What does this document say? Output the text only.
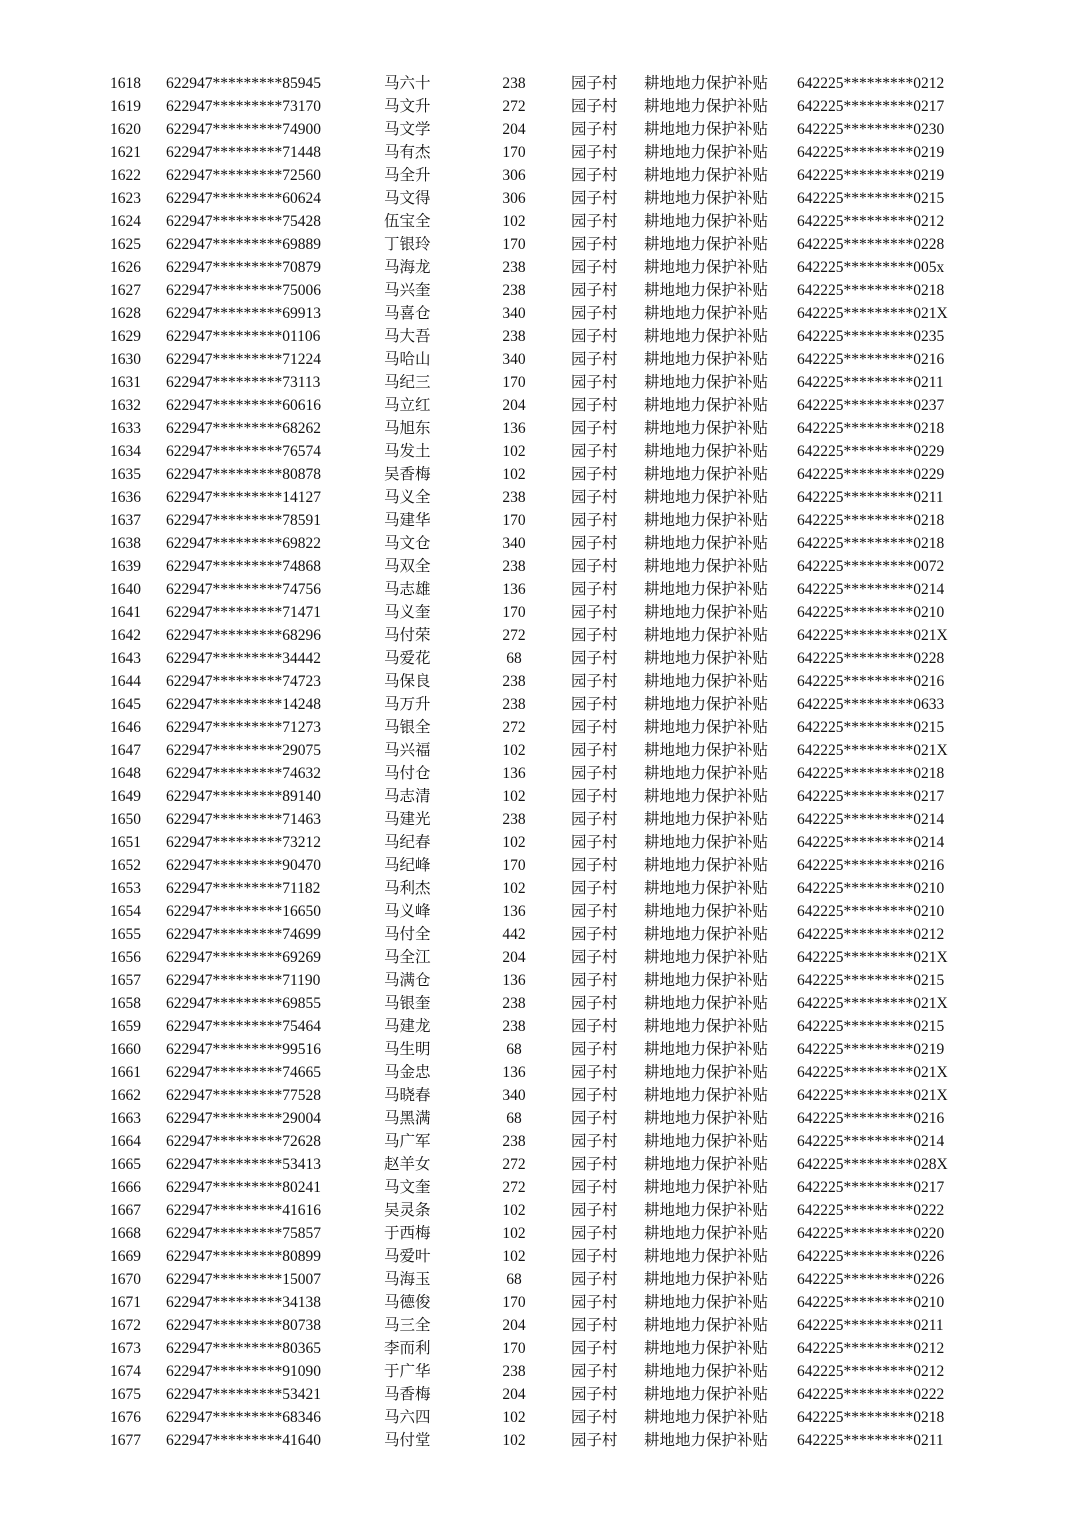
1618 622947*********85945	马六十	238	园子村 耕地地力保护补贴 642225*********0212
1619 622947*********73170	马文升	272	园子村 耕地地力保护补贴 642225*********0217
1620 622947*********74900	马文学	204	园子村 耕地地力保护补贴 642225*********0230
1621 622947*********71448	马有杰	170	园子村 耕地地力保护补贴 642225*********0219
1622 622947*********72560	马全升	306	园子村 耕地地力保护补贴 642225*********0219
1623 622947*********60624	马文得	306	园子村 耕地地力保护补贴 642225*********0215
1624 622947*********75428	伍宝全	102	园子村 耕地地力保护补贴 642225*********0212
1625 622947*********69889	丁银玲	170	园子村 耕地地力保护补贴 642225*********0228
1626 622947*********70879	马海龙	238	园子村 耕地地力保护补贴 642225*********005x
1627 622947*********75006	马兴奎	238	园子村 耕地地力保护补贴 642225*********0218
1628 622947*********69913	马喜仓	340	园子村 耕地地力保护补贴 642225*********021X
1629 622947*********01106	马大吾	238	园子村 耕地地力保护补贴 642225*********0235
1630 622947*********71224	马哈山	340	园子村 耕地地力保护补贴 642225*********0216
1631 622947*********73113	马纪三	170	园子村 耕地地力保护补贴 642225*********0211
1632 622947*********60616	马立红	204	园子村 耕地地力保护补贴 642225*********0237
1633 622947*********68262	马旭东	136	园子村 耕地地力保护补贴 642225*********0218
1634 622947*********76574	马发土	102	园子村 耕地地力保护补贴 642225*********0229
1635 622947*********80878	吴香梅	102	园子村 耕地地力保护补贴 642225*********0229
1636 622947*********14127	马义全	238	园子村 耕地地力保护补贴 642225*********0211
1637 622947*********78591	马建华	170	园子村 耕地地力保护补贴 642225*********0218
1638 622947*********69822	马文仓	340	园子村 耕地地力保护补贴 642225*********0218
1639 622947*********74868	马双全	238	园子村 耕地地力保护补贴 642225*********0072
1640 622947*********74756	马志雄	136	园子村 耕地地力保护补贴 642225*********0214
1641 622947*********71471	马义奎	170	园子村 耕地地力保护补贴 642225*********0210
1642 622947*********68296	马付荣	272	园子村 耕地地力保护补贴 642225*********021X
1643 622947*********34442	马爱花	68	园子村 耕地地力保护补贴 642225*********0228
1644 622947*********74723	马保良	238	园子村 耕地地力保护补贴 642225*********0216
1645 622947*********14248	马万升	238	园子村 耕地地力保护补贴 642225*********0633
1646 622947*********71273	马银全	272	园子村 耕地地力保护补贴 642225*********0215
1647 622947*********29075	马兴福	102	园子村 耕地地力保护补贴 642225*********021X
1648 622947*********74632	马付仓	136	园子村 耕地地力保护补贴 642225*********0218
1649 622947*********89140	马志清	102	园子村 耕地地力保护补贴 642225*********0217
1650 622947*********71463	马建光	238	园子村 耕地地力保护补贴 642225*********0214
1651 622947*********73212	马纪春	102	园子村 耕地地力保护补贴 642225*********0214
1652 622947*********90470	马纪峰	170	园子村 耕地地力保护补贴 642225*********0216
1653 622947*********71182	马利杰	102	园子村 耕地地力保护补贴 642225*********0210
1654 622947*********16650	马义峰	136	园子村 耕地地力保护补贴 642225*********0210
1655 622947*********74699	马付全	442	园子村 耕地地力保护补贴 642225*********0212
1656 622947*********69269	马全江	204	园子村 耕地地力保护补贴 642225*********021X
1657 622947*********71190	马满仓	136	园子村 耕地地力保护补贴 642225*********0215
1658 622947*********69855	马银奎	238	园子村 耕地地力保护补贴 642225*********021X
1659 622947*********75464	马建龙	238	园子村 耕地地力保护补贴 642225*********0215
1660 622947*********99516	马生明	68	园子村 耕地地力保护补贴 642225*********0219
1661 622947*********74665	马金忠	136	园子村 耕地地力保护补贴 642225*********021X
1662 622947*********77528	马晓春	340	园子村 耕地地力保护补贴 642225*********021X
1663 622947*********29004	马黑满	68	园子村 耕地地力保护补贴 642225*********0216
1664 622947*********72628	马广军	238	园子村 耕地地力保护补贴 642225*********0214
1665 622947*********53413	赵羊女	272	园子村 耕地地力保护补贴 642225*********028X
1666 622947*********80241	马文奎	272	园子村 耕地地力保护补贴 642225*********0217
1667 622947*********41616	吴灵条	102	园子村 耕地地力保护补贴 642225*********0222
1668 622947*********75857	于西梅	102	园子村 耕地地力保护补贴 642225*********0220
1669 622947*********80899	马爱叶	102	园子村 耕地地力保护补贴 642225*********0226
1670 622947*********15007	马海玉	68	园子村 耕地地力保护补贴 642225*********0226
1671 622947*********34138	马德俊	170	园子村 耕地地力保护补贴 642225*********0210
1672 622947*********80738	马三全	204	园子村 耕地地力保护补贴 642225*********0211
1673 622947*********80365	李而利	170	园子村 耕地地力保护补贴 642225*********0212
1674 622947*********91090	于广华	238	园子村 耕地地力保护补贴 642225*********0212
1675 622947*********53421	马香梅	204	园子村 耕地地力保护补贴 642225*********0222
1676 622947*********68346	马六四	102	园子村 耕地地力保护补贴 642225*********0218
1677 622947*********41640	马付堂	102	园子村 耕地地力保护补贴 642225*********0211
